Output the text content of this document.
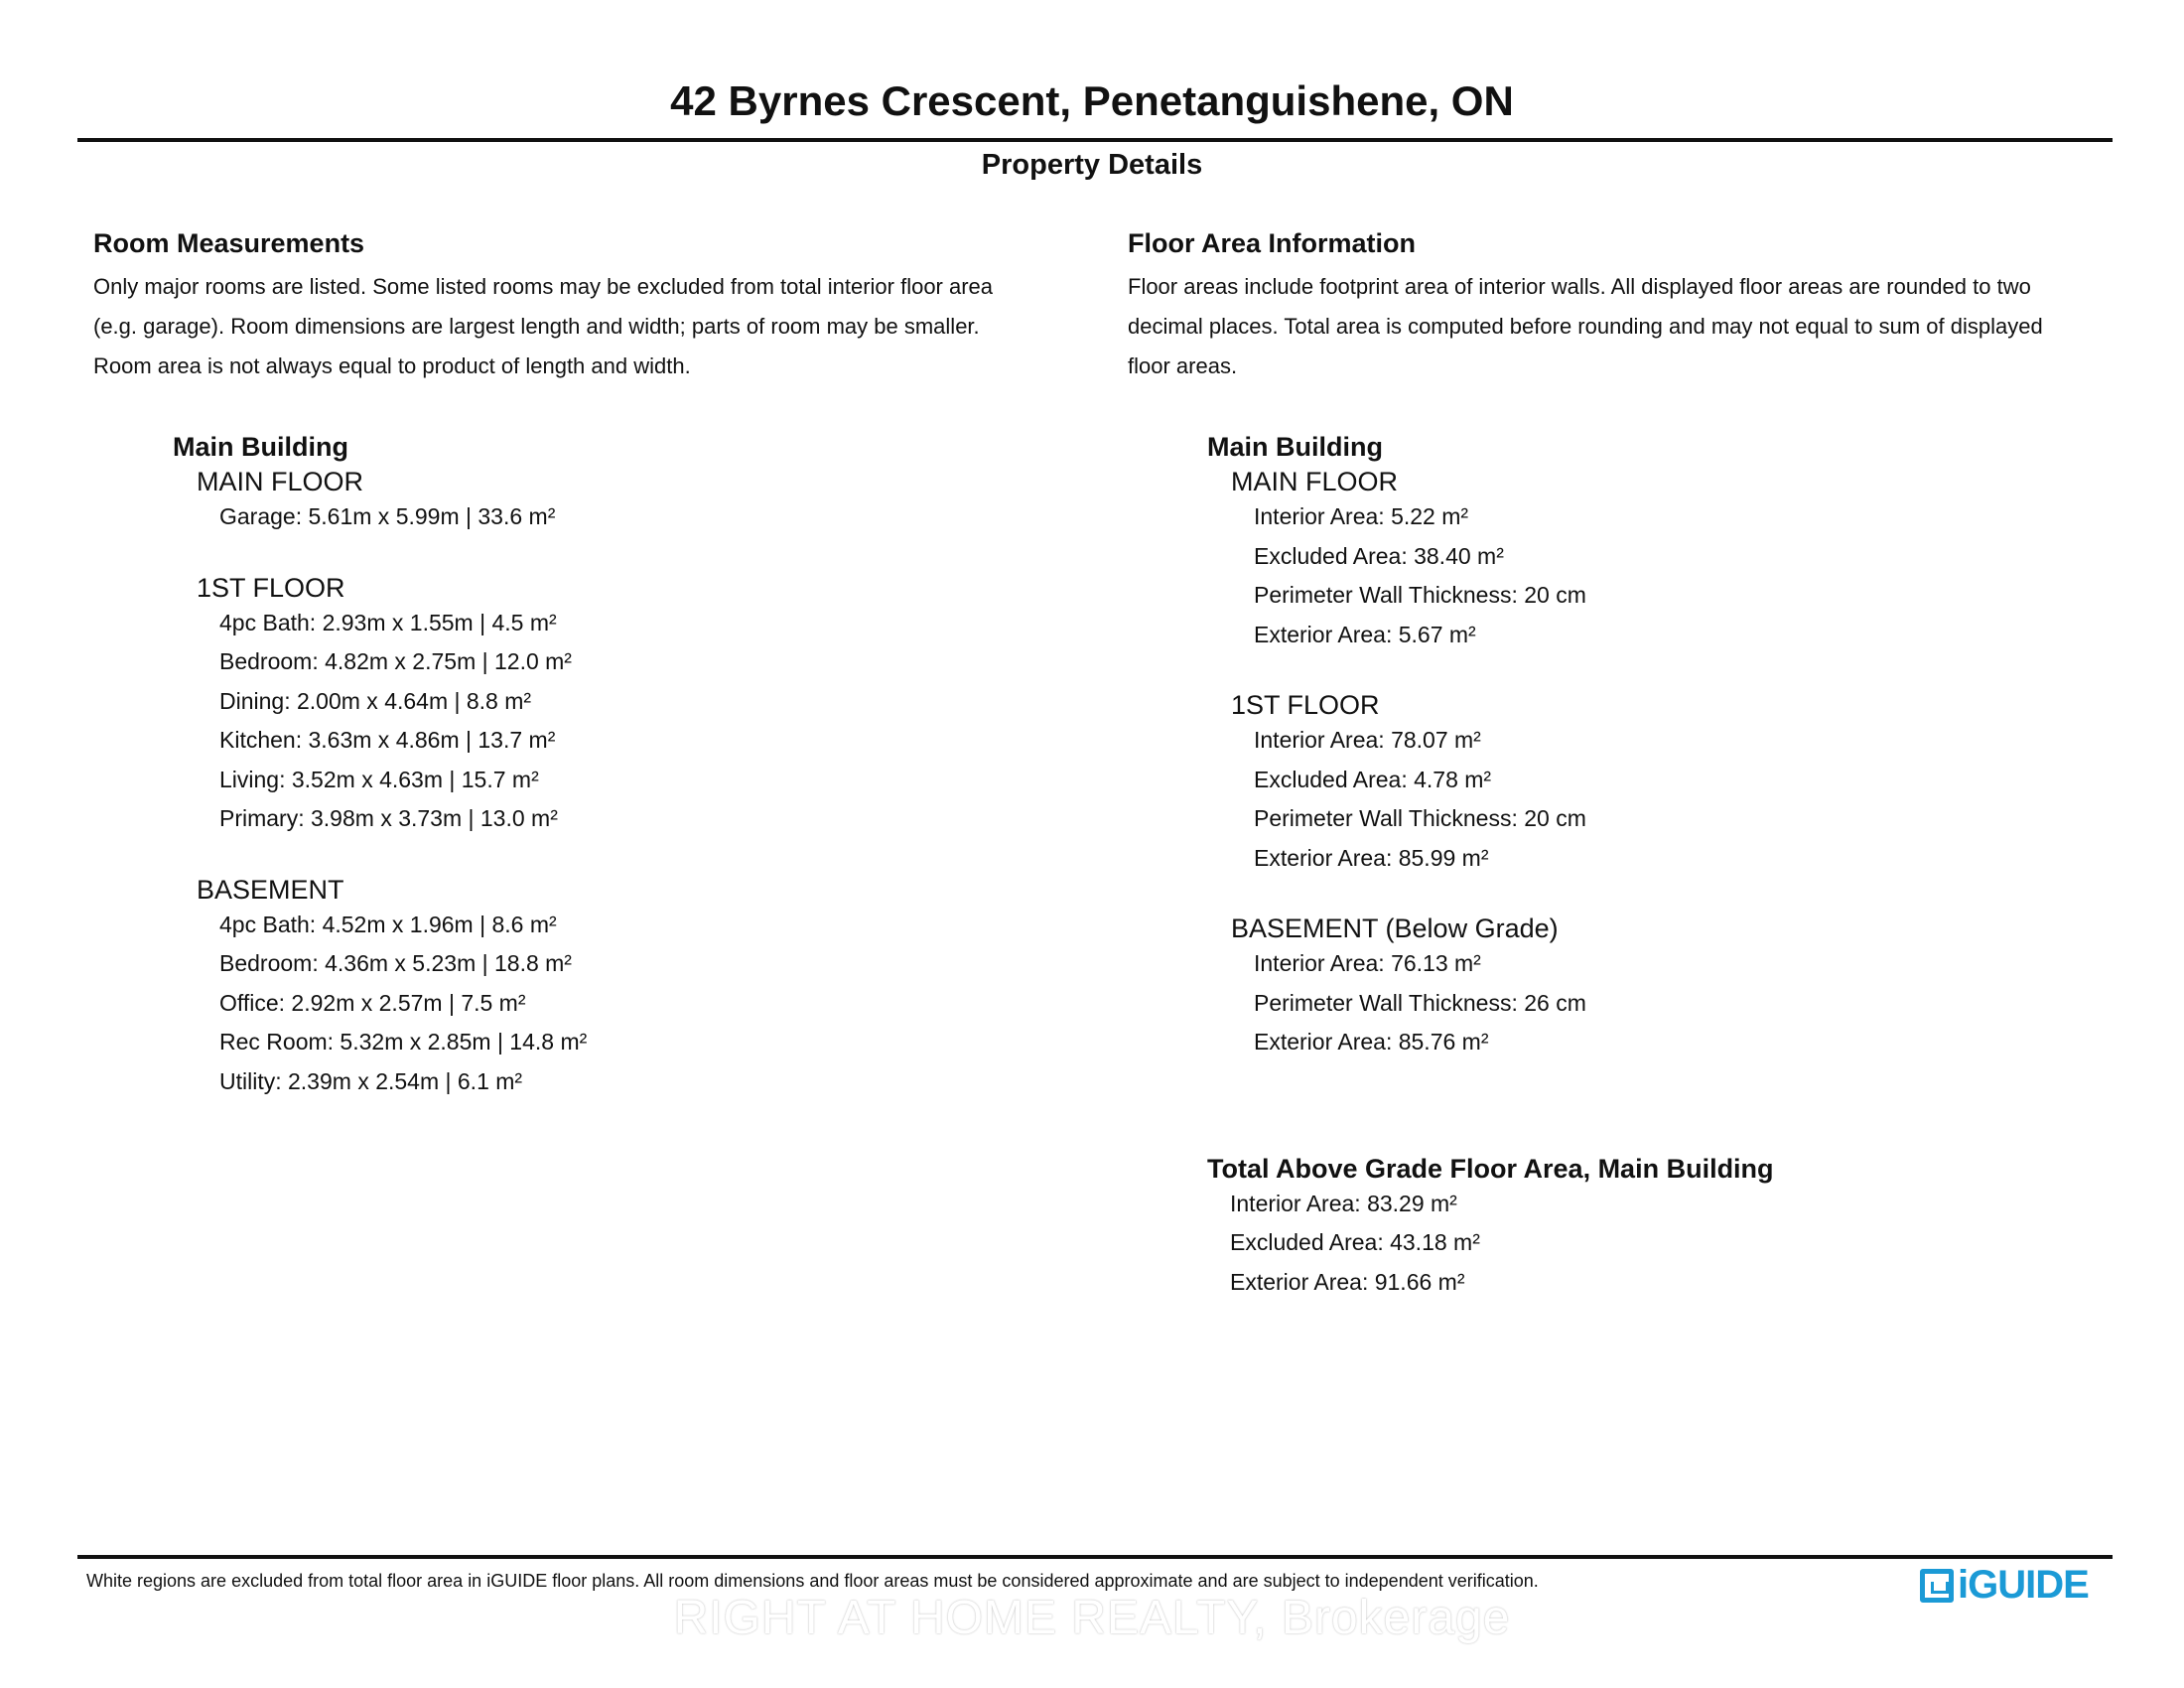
42 Byrnes Crescent, Penetanguishene, ON
Property Details

Room Measurements

Only major rooms are listed. Some listed rooms may be excluded from total interior floor area

(e.g. garage). Room dimensions are largest length and width; parts of room may be smaller.

Room area is not always equal to product of length and width.

Main Building

MAIN FLOOR

Garage: 5.61m x 5.99m | 33.6 m²

1ST FLOOR

4pc Bath: 2.93m x 1.55m | 4.5 m²

Bedroom: 4.82m x 2.75m | 12.0 m²

Dining: 2.00m x 4.64m | 8.8 m²

Kitchen: 3.63m x 4.86m | 13.7 m²

Living: 3.52m x 4.63m | 15.7 m²

Primary: 3.98m x 3.73m | 13.0 m²

BASEMENT

4pc Bath: 4.52m x 1.96m | 8.6 m²

Bedroom: 4.36m x 5.23m | 18.8 m²

Office: 2.92m x 2.57m | 7.5 m²

Rec Room: 5.32m x 2.85m | 14.8 m²

Utility: 2.39m x 2.54m | 6.1 m²

Floor Area Information

Floor areas include footprint area of interior walls. All displayed floor areas are rounded to two

decimal places. Total area is computed before rounding and may not equal to sum of displayed

floor areas.

Main Building

MAIN FLOOR

Interior Area: 5.22 m²

Excluded Area: 38.40 m²

Perimeter Wall Thickness: 20 cm

Exterior Area: 5.67 m²

1ST FLOOR

Interior Area: 78.07 m²

Excluded Area: 4.78 m²

Perimeter Wall Thickness: 20 cm

Exterior Area: 85.99 m²

BASEMENT (Below Grade)

Interior Area: 76.13 m²

Perimeter Wall Thickness: 26 cm

Exterior Area: 85.76 m²

Total Above Grade Floor Area, Main Building

Interior Area: 83.29 m²

Excluded Area: 43.18 m²

Exterior Area: 91.66 m²

White regions are excluded from total floor area in iGUIDE floor plans. All room dimensions and floor areas must be considered approximate and are subject to independent verification.
RIGHT AT HOME REALTY, Brokerage
iGUIDE
